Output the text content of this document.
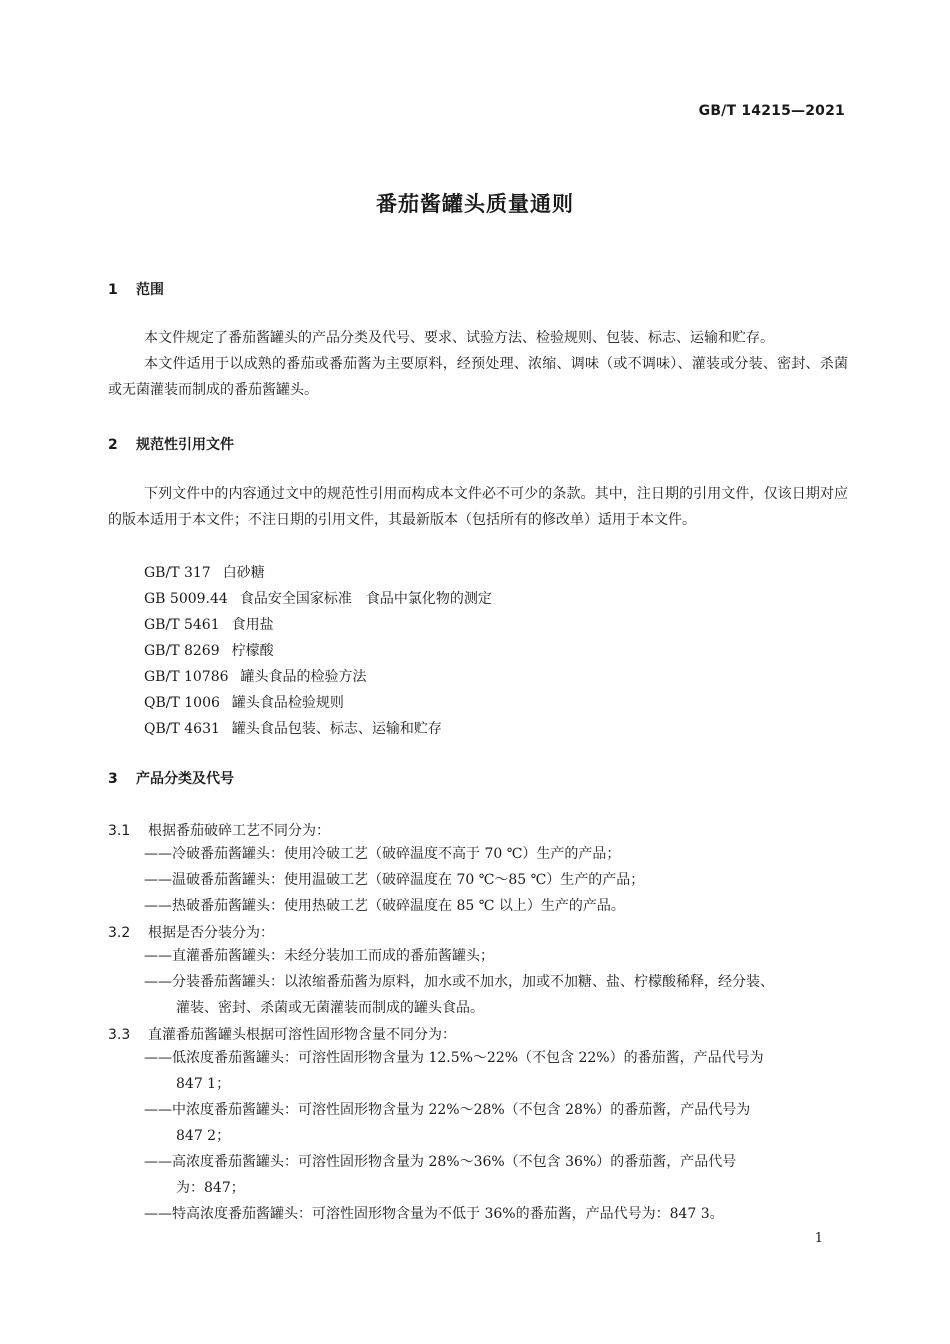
GB/T 14215—2021
番茄酱罐头质量通则
1 范围
本文件规定了番茄酱罐头的产品分类及代号、要求、试验方法、检验规则、包装、标志、运输和贮存。
本文件适用于以成熟的番茄或番茄酱为主要原料，经预处理、浓缩、调味（或不调味）、灌装或分装、密封、杀菌或无菌灌装而制成的番茄酱罐头。
2 规范性引用文件
下列文件中的内容通过文中的规范性引用而构成本文件必不可少的条款。其中，注日期的引用文件，仅该日期对应的版本适用于本文件；不注日期的引用文件，其最新版本（包括所有的修改单）适用于本文件。
GB/T 317 白砂糖
GB 5009.44 食品安全国家标准　食品中氯化物的测定
GB/T 5461 食用盐
GB/T 8269 柠檬酸
GB/T 10786 罐头食品的检验方法
QB/T 1006 罐头食品检验规则
QB/T 4631 罐头食品包装、标志、运输和贮存
3 产品分类及代号
3.1 根据番茄破碎工艺不同分为：
——冷破番茄酱罐头：使用冷破工艺（破碎温度不高于 70 ℃）生产的产品；
——温破番茄酱罐头：使用温破工艺（破碎温度在 70 ℃～85 ℃）生产的产品；
——热破番茄酱罐头：使用热破工艺（破碎温度在 85 ℃ 以上）生产的产品。
3.2 根据是否分装分为：
——直灌番茄酱罐头：未经分装加工而成的番茄酱罐头；
——分装番茄酱罐头：以浓缩番茄酱为原料，加水或不加水，加或不加糖、盐、柠檬酸稀释，经分装、
灌装、密封、杀菌或无菌灌装而制成的罐头食品。
3.3 直灌番茄酱罐头根据可溶性固形物含量不同分为：
——低浓度番茄酱罐头：可溶性固形物含量为 12.5%～22%（不包含 22%）的番茄酱，产品代号为
847 1；
——中浓度番茄酱罐头：可溶性固形物含量为 22%～28%（不包含 28%）的番茄酱，产品代号为
847 2；
——高浓度番茄酱罐头：可溶性固形物含量为 28%～36%（不包含 36%）的番茄酱，产品代号
为：847；
——特高浓度番茄酱罐头：可溶性固形物含量为不低于 36%的番茄酱，产品代号为：847 3。
1
